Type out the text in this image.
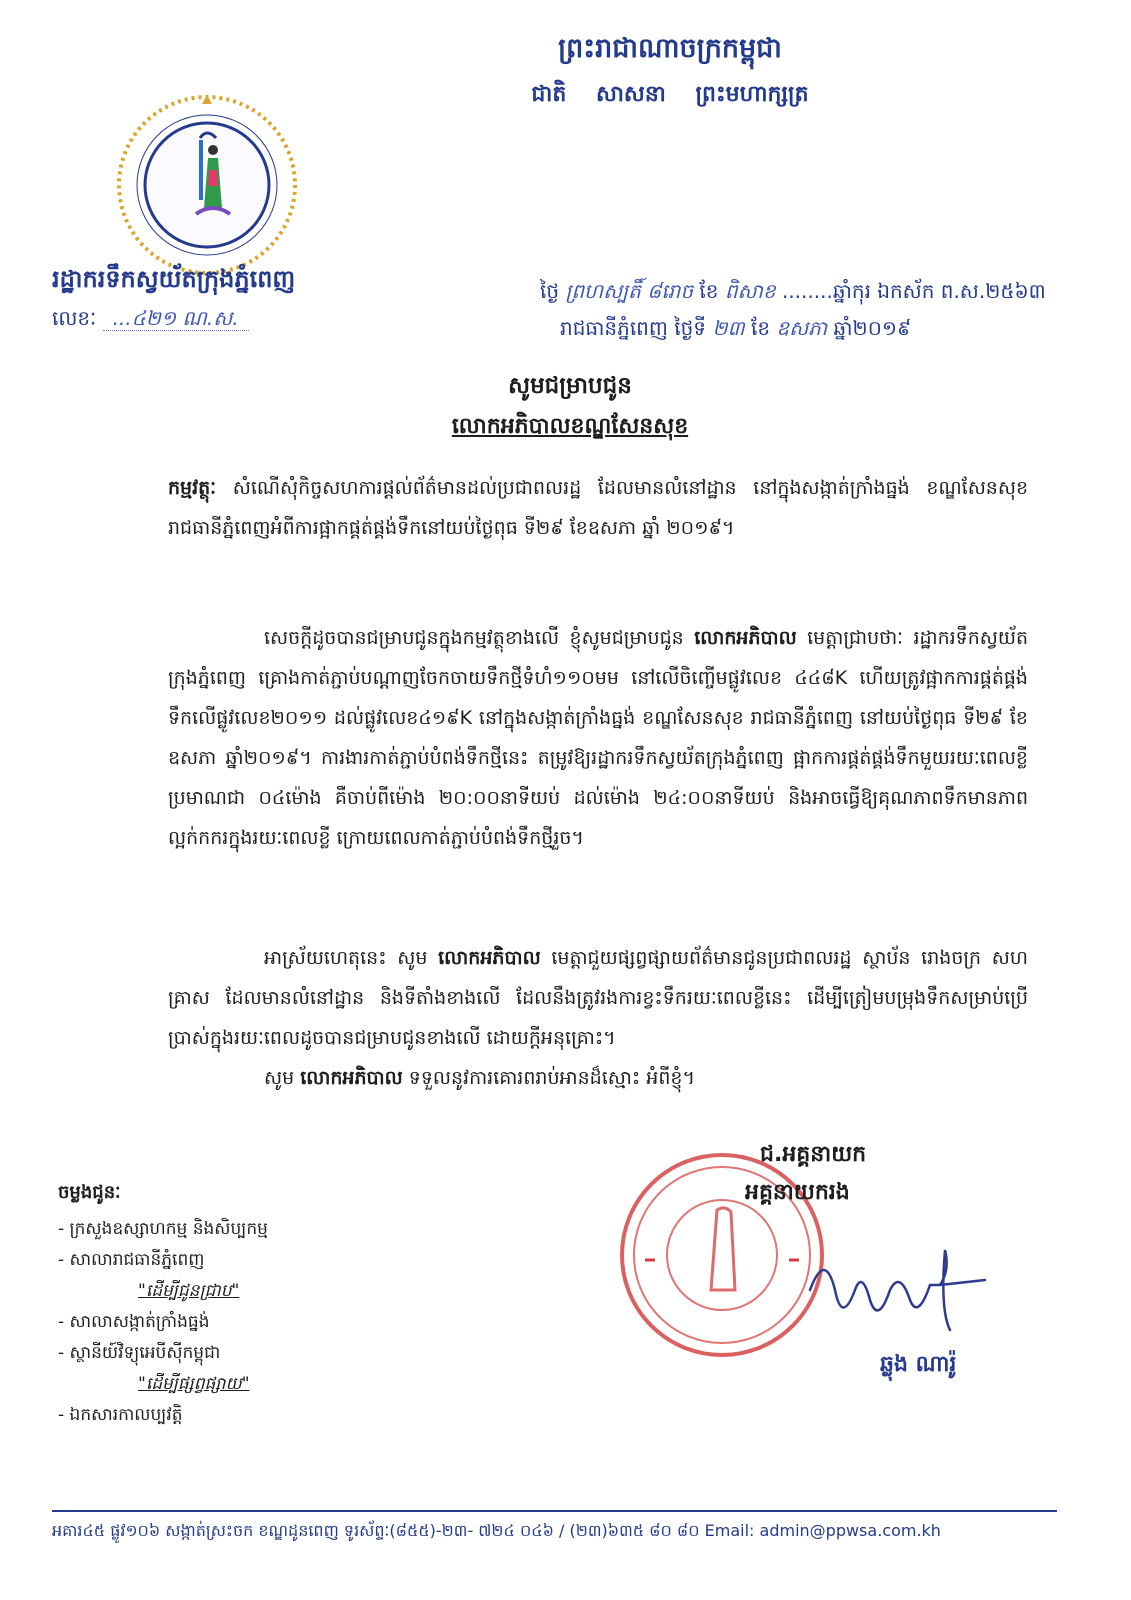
ព្រះរាជាណាចក្រកម្ពុជា
ជាតិ សាសនា ព្រះមហាក្សត្រ
រដ្ឋាករទឹកស្វយ័តក្រុងភ្នំពេញ
លេខៈ ...៤២១ ណ.ស.
ថ្ងៃ ព្រហស្បតិ៍ ៨រោច ខែ ពិសាខ ........ឆ្នាំកុរ ឯកស័ក ព.ស.២៥៦៣
រាជធានីភ្នំពេញ ថ្ងៃទី ២៣ ខែ ឧសភា ឆ្នាំ២០១៩
សូមជម្រាបជូន
លោកអភិបាលខណ្ឌសែនសុខ
កម្មវត្ថុៈ សំណើសុំកិច្ចសហការផ្តល់ព័ត៌មានដល់ប្រជាពលរដ្ឋ ដែលមានលំនៅដ្ឋាន នៅក្នុងសង្កាត់ក្រាំងធ្នង់ ខណ្ឌសែនសុខ រាជធានីភ្នំពេញអំពីការផ្អាកផ្គត់ផ្គង់ទឹកនៅយប់ថ្ងៃពុធ ទី២៩ ខែឧសភា ឆ្នាំ ២០១៩។
សេចក្តីដូចបានជម្រាបជូនក្នុងកម្មវត្ថុខាងលើ ខ្ញុំសូមជម្រាបជូន លោកអភិបាល មេត្តាជ្រាបថាៈ រដ្ឋាករទឹកស្វយ័តក្រុងភ្នំពេញ គ្រោងកាត់ភ្ជាប់បណ្តាញចែកចាយទឹកថ្មីទំហំ១១០មម នៅលើចិញ្ចើមផ្លូវលេខ ៤៤៨K ហើយត្រូវផ្អាកការផ្គត់ផ្គង់ទឹកលើផ្លូវលេខ២០១១ ដល់ផ្លូវលេខ៤១៩K នៅក្នុងសង្កាត់ក្រាំងធ្នង់ ខណ្ឌសែនសុខ រាជធានីភ្នំពេញ នៅយប់ថ្ងៃពុធ ទី២៩ ខែឧសភា ឆ្នាំ២០១៩។ ការងារកាត់ភ្ជាប់បំពង់ទឹកថ្មីនេះ តម្រូវឱ្យរដ្ឋាករទឹកស្វយ័តក្រុងភ្នំពេញ ផ្អាកការផ្គត់ផ្គង់ទឹកមួយរយៈពេលខ្លីប្រមាណជា ០៤ម៉ោង គឺចាប់ពីម៉ោង ២០:០០នាទីយប់ ដល់ម៉ោង ២៤:០០នាទីយប់ និងអាចធ្វើឱ្យគុណភាពទឹកមានភាពល្អក់កករក្នុងរយៈពេលខ្លី ក្រោយពេលកាត់ភ្ជាប់បំពង់ទឹកថ្មីរួច។
អាស្រ័យហេតុនេះ សូម លោកអភិបាល មេត្តាជួយផ្សព្វផ្សាយព័ត៌មានជូនប្រជាពលរដ្ឋ ស្ថាប័ន រោងចក្រ សហគ្រាស ដែលមានលំនៅដ្ឋាន និងទីតាំងខាងលើ ដែលនឹងត្រូវរងការខ្វះទឹករយៈពេលខ្លីនេះ ដើម្បីត្រៀមបម្រុងទឹកសម្រាប់ប្រើប្រាស់ក្នុងរយៈពេលដូចបានជម្រាបជូនខាងលើ ដោយក្តីអនុគ្រោះ។
សូម លោកអភិបាល ទទួលនូវការគោរពរាប់អានដ៏ស្មោះ អំពីខ្ញុំ។
ជ.អគ្គនាយក
អគ្គនាយករង
ឆ្លុង ណារ៉ូ
ចម្លងជូនៈ
- ក្រសួងឧស្សាហកម្ម និងសិប្បកម្ម
- សាលារាជធានីភ្នំពេញ
"ដើម្បីជូនជ្រាប"
- សាលាសង្កាត់ក្រាំងធ្នង់
- ស្ថានីយ៍វិទ្យុអេបីស៊ីកម្ពុជា
"ដើម្បីផ្សព្វផ្សាយ"
- ឯកសារកាលប្បវត្តិ
អគារ៤៥ ផ្លូវ១០៦ សង្កាត់ស្រះចក ខណ្ឌដូនពេញ ទូរស័ព្ទៈ(៨៥៥)-២៣- ៧២៤ ០៤៦ / (២៣)៦៣៥ ៨០ ៨០ Email: admin@ppwsa.com.kh
